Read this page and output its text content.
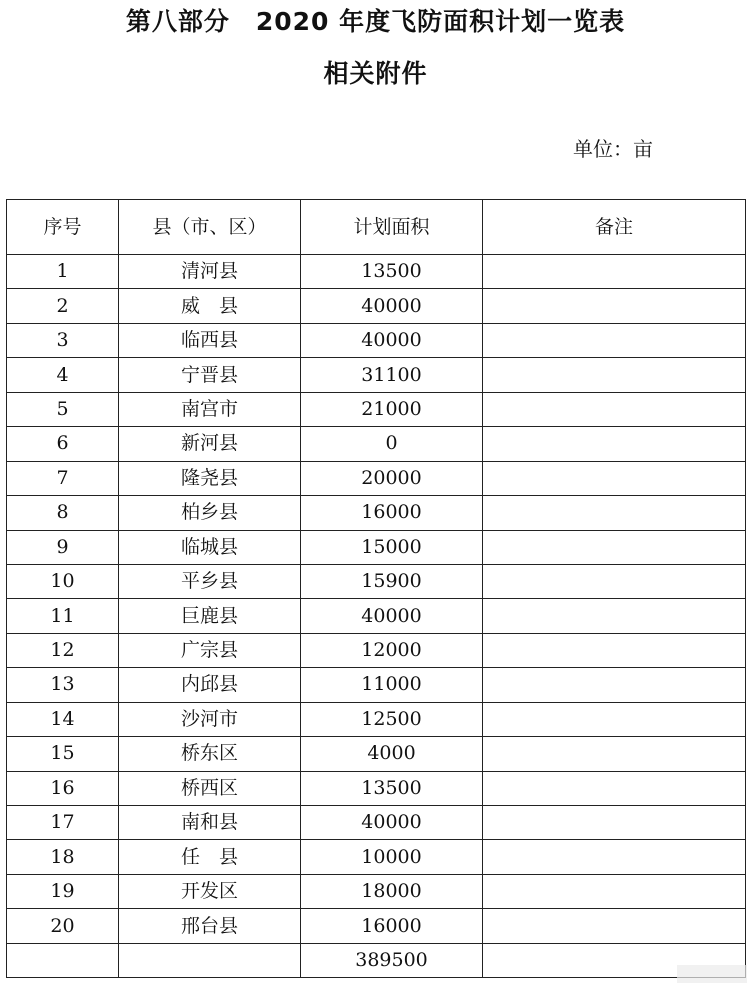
第八部分　2020 年度飞防面积计划一览表
相关附件
单位：亩
序号	县（市、区）	计划面积	备注
1	清河县	13500	
2	威　县	40000	
3	临西县	40000	
4	宁晋县	31100	
5	南宫市	21000	
6	新河县	0	
7	隆尧县	20000	
8	柏乡县	16000	
9	临城县	15000	
10	平乡县	15900	
11	巨鹿县	40000	
12	广宗县	12000	
13	内邱县	11000	
14	沙河市	12500	
15	桥东区	4000	
16	桥西区	13500	
17	南和县	40000	
18	任　县	10000	
19	开发区	18000	
20	邢台县	16000	
		389500	
